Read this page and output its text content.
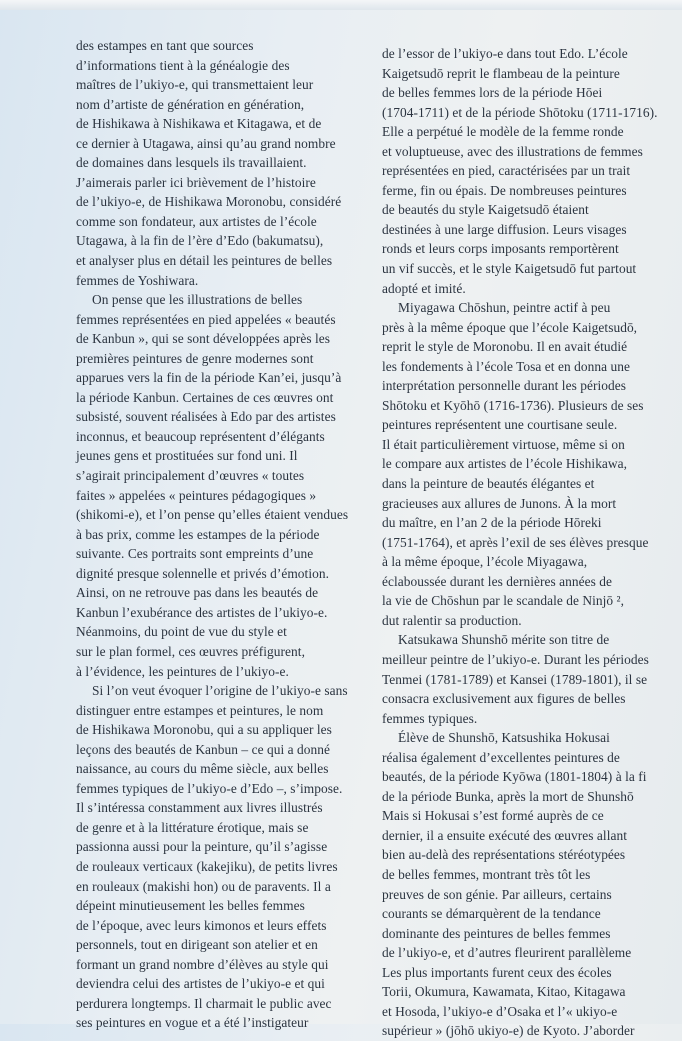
des estampes en tant que sources
d’informations tient à la généalogie des
maîtres de l’ukiyo-e, qui transmettaient leur
nom d’artiste de génération en génération,
de Hishikawa à Nishikawa et Kitagawa, et de
ce dernier à Utagawa, ainsi qu’au grand nombre
de domaines dans lesquels ils travaillaient.
J’aimerais parler ici brièvement de l’histoire
de l’ukiyo-e, de Hishikawa Moronobu, considéré
comme son fondateur, aux artistes de l’école
Utagawa, à la fin de l’ère d’Edo (bakumatsu),
et analyser plus en détail les peintures de belles
femmes de Yoshiwara.

On pense que les illustrations de belles
femmes représentées en pied appelées « beautés
de Kanbun », qui se sont développées après les
premières peintures de genre modernes sont
apparues vers la fin de la période Kan’ei, jusqu’à
la période Kanbun. Certaines de ces œuvres ont
subsisté, souvent réalisées à Edo par des artistes
inconnus, et beaucoup représentent d’élégants
jeunes gens et prostituées sur fond uni. Il
s’agirait principalement d’œuvres « toutes
faites » appelées « peintures pédagogiques »
(shikomi-e), et l’on pense qu’elles étaient vendues
à bas prix, comme les estampes de la période
suivante. Ces portraits sont empreints d’une
dignité presque solennelle et privés d’émotion.
Ainsi, on ne retrouve pas dans les beautés de
Kanbun l’exubérance des artistes de l’ukiyo-e.
Néanmoins, du point de vue du style et
sur le plan formel, ces œuvres préfigurent,
à l’évidence, les peintures de l’ukiyo-e.

Si l’on veut évoquer l’origine de l’ukiyo-e sans
distinguer entre estampes et peintures, le nom
de Hishikawa Moronobu, qui a su appliquer les
leçons des beautés de Kanbun – ce qui a donné
naissance, au cours du même siècle, aux belles
femmes typiques de l’ukiyo-e d’Edo –, s’impose.
Il s’intéressa constamment aux livres illustrés
de genre et à la littérature érotique, mais se
passionna aussi pour la peinture, qu’il s’agisse
de rouleaux verticaux (kakejiku), de petits livres
en rouleaux (makishi hon) ou de paravents. Il a
dépeint minutieusement les belles femmes
de l’époque, avec leurs kimonos et leurs effets
personnels, tout en dirigeant son atelier et en
formant un grand nombre d’élèves au style qui
deviendra celui des artistes de l’ukiyo-e et qui
perdurera longtemps. Il charmait le public avec
ses peintures en vogue et a été l’instigateur

de l’essor de l’ukiyo-e dans tout Edo. L’école
Kaigetsudō reprit le flambeau de la peinture
de belles femmes lors de la période Hōei
(1704-1711) et de la période Shōtoku (1711-1716).
Elle a perpétué le modèle de la femme ronde
et voluptueuse, avec des illustrations de femmes
représentées en pied, caractérisées par un trait
ferme, fin ou épais. De nombreuses peintures
de beautés du style Kaigetsudō étaient
destinées à une large diffusion. Leurs visages
ronds et leurs corps imposants remportèrent
un vif succès, et le style Kaigetsudō fut partout
adopté et imité.

Miyagawa Chōshun, peintre actif à peu
près à la même époque que l’école Kaigetsudō,
reprit le style de Moronobu. Il en avait étudié
les fondements à l’école Tosa et en donna une
interprétation personnelle durant les périodes
Shōtoku et Kyōhō (1716-1736). Plusieurs de ses
peintures représentent une courtisane seule.
Il était particulièrement virtuose, même si on
le compare aux artistes de l’école Hishikawa,
dans la peinture de beautés élégantes et
gracieuses aux allures de Junons. À la mort
du maître, en l’an 2 de la période Hōreki
(1751-1764), et après l’exil de ses élèves presque
à la même époque, l’école Miyagawa,
éclaboussée durant les dernières années de
la vie de Chōshun par le scandale de Ninjō ²,
dut ralentir sa production.

Katsukawa Shunshō mérite son titre de
meilleur peintre de l’ukiyo-e. Durant les périodes
Tenmei (1781-1789) et Kansei (1789-1801), il se
consacra exclusivement aux figures de belles
femmes typiques.

Élève de Shunshō, Katsushika Hokusai
réalisa également d’excellentes peintures de
beautés, de la période Kyōwa (1801-1804) à la fi
de la période Bunka, après la mort de Shunshō
Mais si Hokusai s’est formé auprès de ce
dernier, il a ensuite exécuté des œuvres allant
bien au-delà des représentations stéréotypées
de belles femmes, montrant très tôt les
preuves de son génie. Par ailleurs, certains
courants se démarquèrent de la tendance
dominante des peintures de belles femmes
de l’ukiyo-e, et d’autres fleurirent parallèleme
Les plus importants furent ceux des écoles
Torii, Okumura, Kawamata, Kitao, Kitagawa
et Hosoda, l’ukiyo-e d’Osaka et l’« ukiyo-e
supérieur » (jōhō ukiyo-e) de Kyoto. J’aborder
